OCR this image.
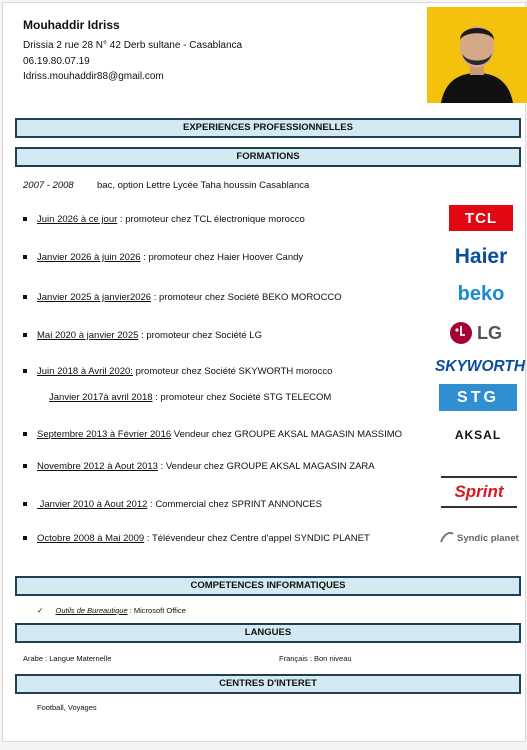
Mouhaddir Idriss
Drissia 2 rue 28 N° 42 Derb sultane - Casablanca
06.19.80.07.19
Idriss.mouhaddir88@gmail.com
EXPERIENCES PROFESSIONNELLES
FORMATIONS
2007 - 2008 bac, option Lettre Lycée Taha houssin Casablanca
Juin 2026 à ce jour : promoteur chez TCL électronique morocco
Janvier 2026 à juin 2026 : promoteur chez Haier Hoover Candy
Janvier 2025 à janvier2026 : promoteur chez Société BEKO MOROCCO
Mai 2020 à janvier 2025 : promoteur chez Société LG
Juin 2018 à Avril 2020: promoteur chez Société SKYWORTH morocco
Janvier 2017à avril 2018 : promoteur chez Société STG TELECOM
Septembre 2013 à Février 2016 Vendeur chez GROUPE AKSAL MAGASIN MASSIMO
Novembre 2012 à Aout 2013 : Vendeur chez GROUPE AKSAL MAGASIN ZARA
Janvier 2010 à Aout 2012 : Commercial chez SPRINT ANNONCES
Octobre 2008 à Mai 2009 : Télévendeur chez Centre d'appel SYNDIC PLANET
TCL
Haier
beko
LG
SKYWORTH
STG
AKSAL
Sprint
Syndic planet
COMPETENCES INFORMATIQUES
✓ Outils de Bureautique : Microsoft Office
LANGUES
Arabe : Langue Maternelle	Français : Bon niveau
CENTRES D'INTERET
Football, Voyages
